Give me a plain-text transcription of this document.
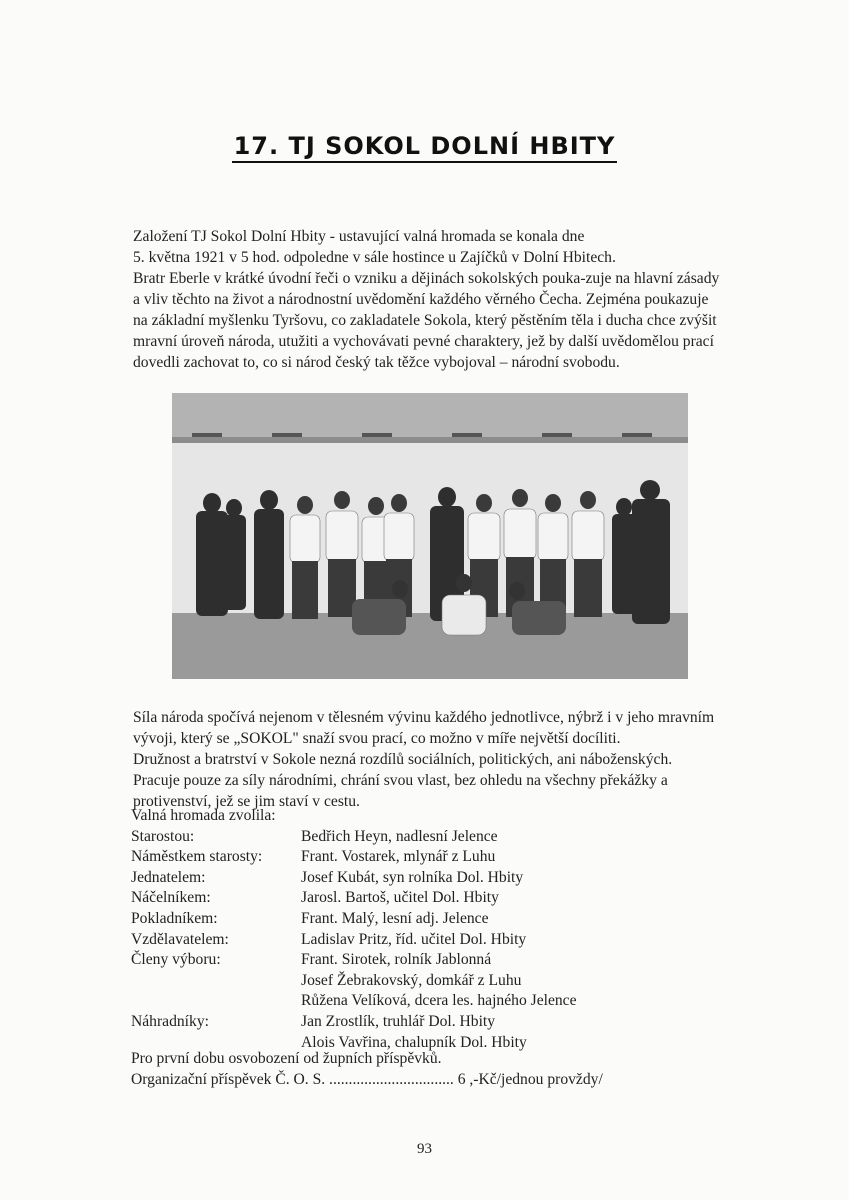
17. TJ SOKOL DOLNÍ HBITY
Založení TJ Sokol Dolní Hbity - ustavující valná hromada se konala dne
5. května 1921 v 5 hod. odpoledne v sále hostince u Zajíčků v Dolní Hbitech.
Bratr Eberle v krátké úvodní řeči o vzniku a dějinách sokolských pouka-zuje na hlavní zásady
a vliv těchto na život a národnostní uvědomění každého věrného Čecha. Zejména poukazuje
na základní myšlenku Tyršovu, co zakladatele Sokola, který pěstěním těla i ducha chce zvýšit
mravní úroveň národa, utužiti a vychovávati pevné charaktery, jež by další uvědomělou prací
dovedli zachovat to, co si národ český tak těžce vybojoval – národní svobodu.
Síla národa spočívá nejenom v tělesném vývinu každého jednotlivce, nýbrž i v jeho mravním
vývoji, který se „SOKOL" snaží svou prací, co možno v míře největší docíliti.
Družnost a bratrství v Sokole nezná rozdílů sociálních, politických, ani náboženských.
Pracuje pouze za síly národními, chrání svou vlast, bez ohledu na všechny překážky a
protivenství, jež se jim staví v cestu.
Valná hromada zvolila:
Starostou:	Bedřich Heyn, nadlesní Jelence
Náměstkem starosty:	Frant. Vostarek, mlynář z Luhu
Jednatelem:	Josef Kubát, syn rolníka Dol. Hbity
Náčelníkem:	Jarosl. Bartoš, učitel Dol. Hbity
Pokladníkem:	Frant. Malý, lesní adj. Jelence
Vzdělavatelem:	Ladislav Pritz, říd. učitel Dol. Hbity
Členy výboru:	Frant. Sirotek, rolník Jablonná
Josef Žebrakovský, domkář z Luhu
Růžena Velíková, dcera les. hajného Jelence
Náhradníky:	Jan Zrostlík, truhlář Dol. Hbity
Alois Vavřina, chalupník Dol. Hbity
Pro první dobu osvobození od župních příspěvků.
Organizační příspěvek Č. O. S. ................................ 6 ,-Kč/jednou provždy/
93
